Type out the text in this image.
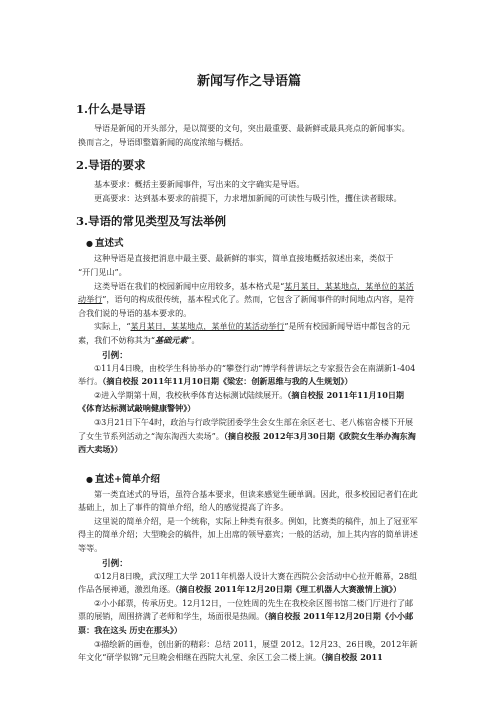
新闻写作之导语篇
1.什么是导语

导语是新闻的开头部分，是以简要的文句，突出最重要、最新鲜或最具亮点的新闻事实。

换而言之，导语即整篇新闻的高度浓缩与概括。

2.导语的要求

基本要求：概括主要新闻事件，写出来的文字确实是导语。

更高要求：达到基本要求的前提下，力求增加新闻的可读性与吸引性，攫住读者眼球。

3.导语的常见类型及写法举例
● 直述式

这种导语是直接把消息中最主要、最新鲜的事实，简单直接地概括叙述出来，类似于
“开门见山”。

这类导语在我们的校园新闻中应用较多，基本格式是“某月某日，某某地点，某单位的某活动举行”，语句的构成很传统，基本程式化了。然而，它包含了新闻事件的时间地点内容，是符合我们说的导语的基本要求的。

实际上，“某月某日，某某地点，某单位的某活动举行”是所有校园新闻导语中都包含的元素，我们不妨称其为“基础元素”。

引例：

①11月4日晚，由校学生科协举办的“攀登行动”博学科普讲坛之专家报告会在南湖新1-404举行。（摘自校报 2011年11月10日期《梁宏：创新思维与我的人生规划》）

②进入学期第十周，我校秋季体育达标测试陆续展开。（摘自校报 2011年11月10日期《体育达标测试敲响健康警钟》）

③3月21日下午4时，政治与行政学院团委学生会女生部在余区老七、老八栋宿舍楼下开展了女生节系列活动之“淘东淘西大卖场”。（摘自校报 2012年3月30日期《政院女生举办淘东淘西大卖场》）

● 直述+简单介绍

第一类直述式的导语，虽符合基本要求，但读来感觉生硬单调。因此，很多校园记者们在此基础上，加上了事件的简单介绍，给人的感觉提高了许多。

这里说的简单介绍，是一个统称，实际上种类有很多。例如，比赛类的稿件，加上了冠亚军得主的简单介绍；大型晚会的稿件，加上出席的领导嘉宾；一般的活动，加上其内容的简单讲述等等。

引例：

①12月8日晚，武汉理工大学 2011年机器人设计大赛在西院公会活动中心拉开帷幕，28组作品各展神通，激烈角逐。（摘自校报 2011年12月20日期《理工机器人大赛激情上演》）

②小小邮票，传承历史。12月12日，一位姓周的先生在我校余区图书馆二楼门厅进行了邮票的展销，周围挤满了老师和学生，场面很是热闹。（摘自校报 2011年12月20日期《小小邮票：我在这头 历史在那头》）

③描绘新的画卷，创出新的精彩：总结 2011，展望 2012。12月23、26日晚，2012年新年文化“研学似锦”元旦晚会相继在西院大礼堂、余区工会二楼上演。（摘自校报 2011
